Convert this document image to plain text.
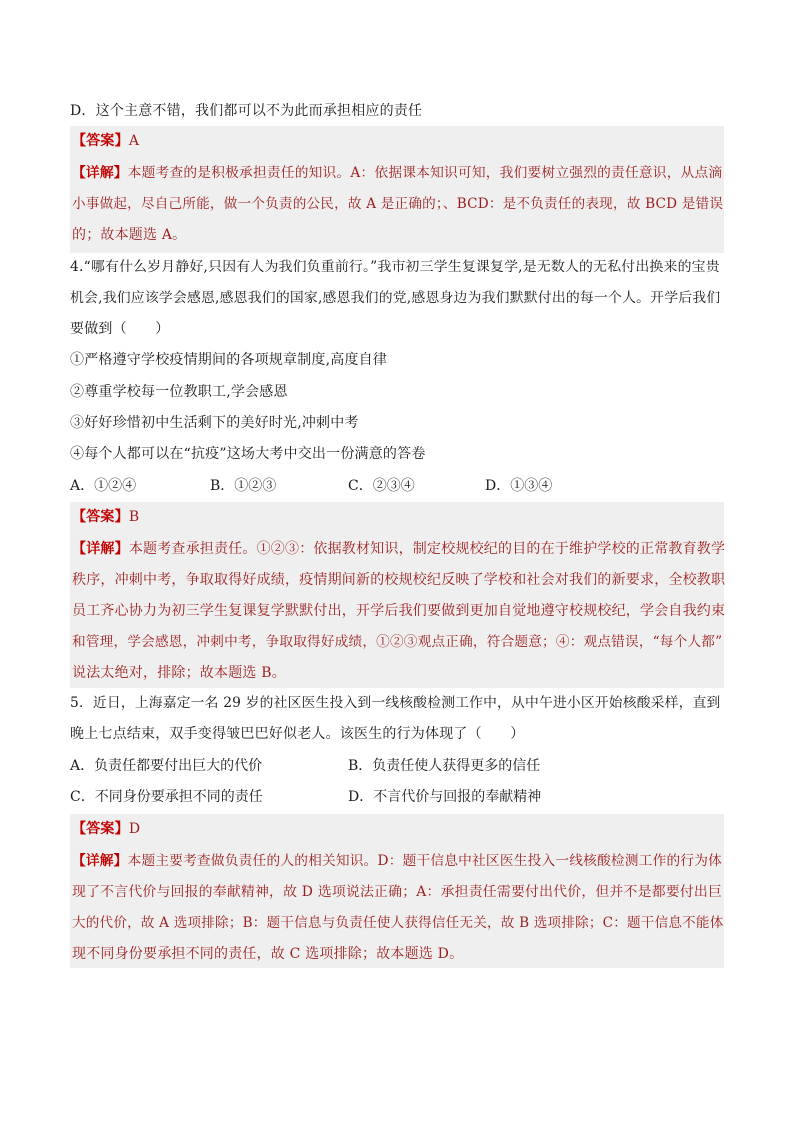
D．这个主意不错，我们都可以不为此而承担相应的责任
【答案】A
【详解】本题考查的是积极承担责任的知识。A：依据课本知识可知，我们要树立强烈的责任意识，从点滴
小事做起，尽自己所能，做一个负责的公民，故 A 是正确的；、BCD：是不负责任的表现，故 BCD 是错误
的；故本题选 A。
4.“哪有什么岁月静好,只因有人为我们负重前行。”我市初三学生复课复学,是无数人的无私付出换来的宝贵
机会,我们应该学会感恩,感恩我们的国家,感恩我们的党,感恩身边为我们默默付出的每一个人。开学后我们
要做到（　　）
①严格遵守学校疫情期间的各项规章制度,高度自律
②尊重学校每一位教职工,学会感恩
③好好珍惜初中生活剩下的美好时光,冲刺中考
④每个人都可以在“抗疫”这场大考中交出一份满意的答卷
A．①②④	B．①②③	C．②③④	D．①③④
【答案】B
【详解】本题考查承担责任。①②③：依据教材知识，制定校规校纪的目的在于维护学校的正常教育教学
秩序，冲刺中考，争取取得好成绩，疫情期间新的校规校纪反映了学校和社会对我们的新要求，全校教职
员工齐心协力为初三学生复课复学默默付出，开学后我们要做到更加自觉地遵守校规校纪，学会自我约束
和管理，学会感恩，冲刺中考，争取取得好成绩，①②③观点正确，符合题意；④：观点错误，“每个人都”
说法太绝对，排除；故本题选 B。
5．近日，上海嘉定一名 29 岁的社区医生投入到一线核酸检测工作中，从中午进小区开始核酸采样，直到
晚上七点结束，双手变得皱巴巴好似老人。该医生的行为体现了（　　）
A．负责任都要付出巨大的代价	B．负责任使人获得更多的信任
C．不同身份要承担不同的责任	D．不言代价与回报的奉献精神
【答案】D
【详解】本题主要考查做负责任的人的相关知识。D：题干信息中社区医生投入一线核酸检测工作的行为体
现了不言代价与回报的奉献精神，故 D 选项说法正确；A：承担责任需要付出代价，但并不是都要付出巨
大的代价，故 A 选项排除；B：题干信息与负责任使人获得信任无关，故 B 选项排除；C：题干信息不能体
现不同身份要承担不同的责任，故 C 选项排除；故本题选 D。
